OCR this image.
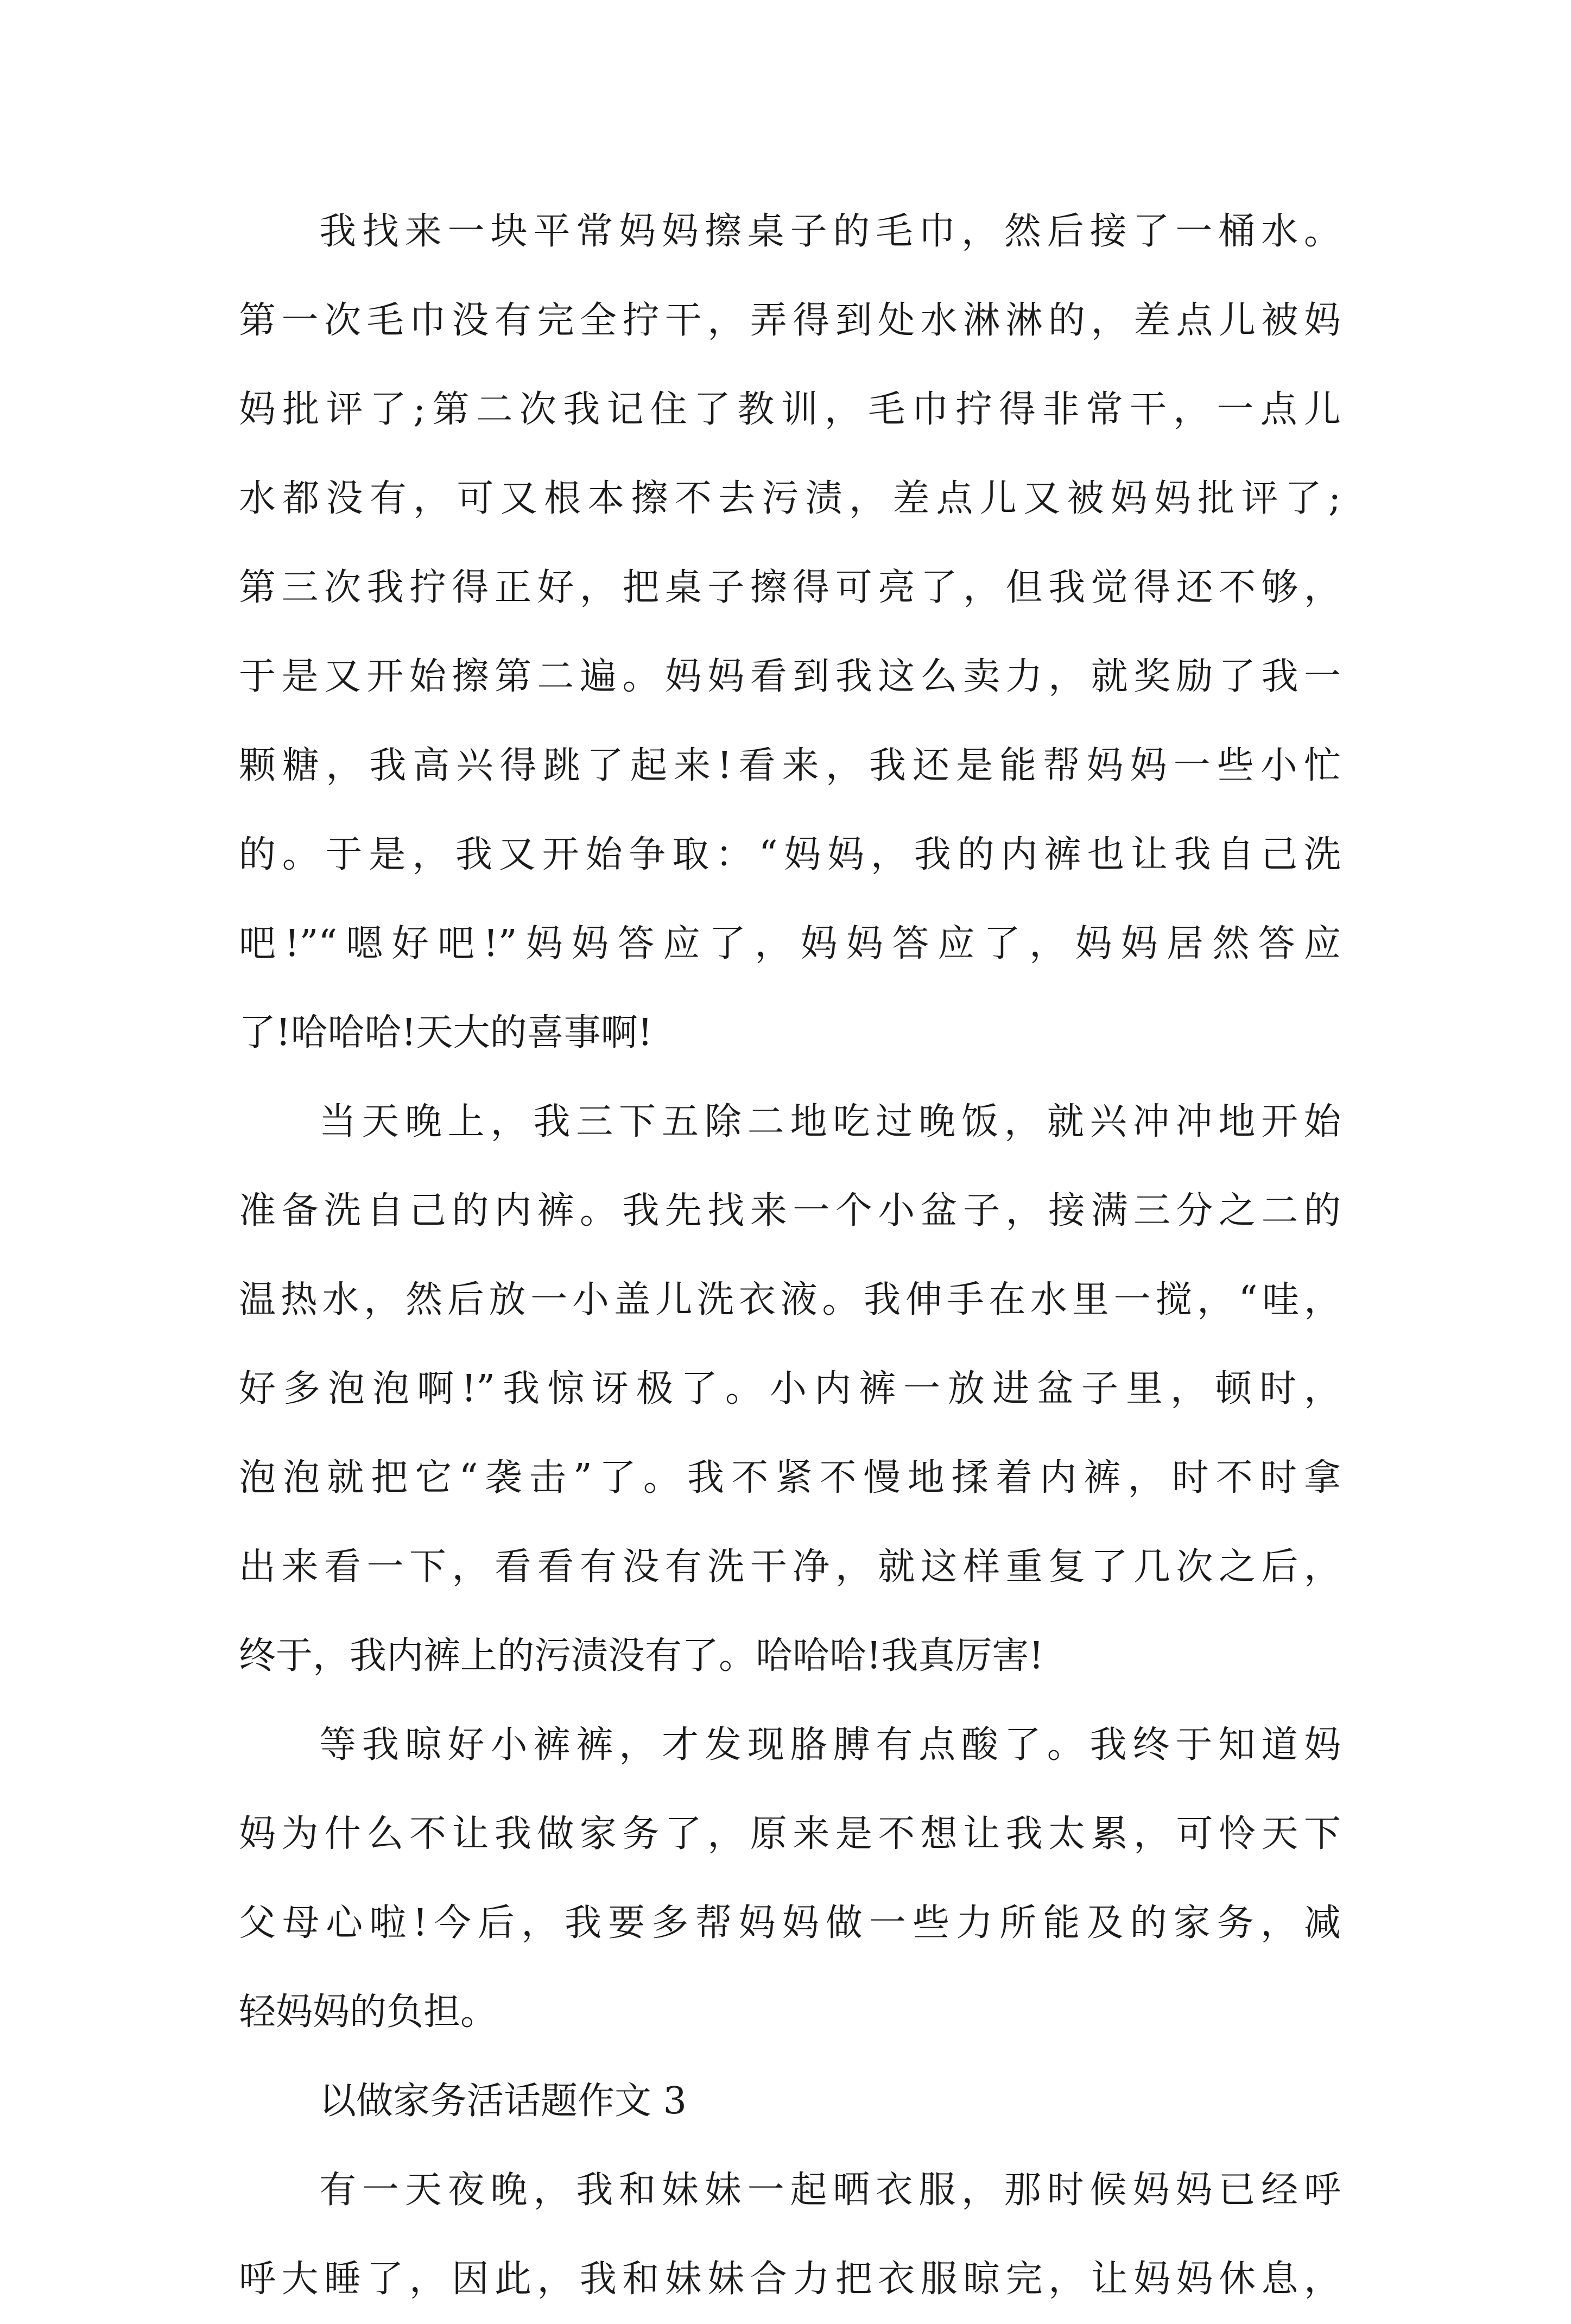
我找来一块平常妈妈擦桌子的毛巾，然后接了一桶水。
第一次毛巾没有完全拧干，弄得到处水淋淋的，差点儿被妈
妈批评了;第二次我记住了教训，毛巾拧得非常干，一点儿
水都没有，可又根本擦不去污渍，差点儿又被妈妈批评了;
第三次我拧得正好，把桌子擦得可亮了，但我觉得还不够，
于是又开始擦第二遍。妈妈看到我这么卖力，就奖励了我一
颗糖，我高兴得跳了起来!看来，我还是能帮妈妈一些小忙
的。于是，我又开始争取：“妈妈，我的内裤也让我自己洗
吧!”“嗯好吧!”妈妈答应了，妈妈答应了，妈妈居然答应
了!哈哈哈!天大的喜事啊!
当天晚上，我三下五除二地吃过晚饭，就兴冲冲地开始
准备洗自己的内裤。我先找来一个小盆子，接满三分之二的
温热水，然后放一小盖儿洗衣液。我伸手在水里一搅，“哇，
好多泡泡啊!”我惊讶极了。小内裤一放进盆子里，顿时，
泡泡就把它“袭击”了。我不紧不慢地揉着内裤，时不时拿
出来看一下，看看有没有洗干净，就这样重复了几次之后，
终于，我内裤上的污渍没有了。哈哈哈!我真厉害!
等我晾好小裤裤，才发现胳膊有点酸了。我终于知道妈
妈为什么不让我做家务了，原来是不想让我太累，可怜天下
父母心啦!今后，我要多帮妈妈做一些力所能及的家务，减
轻妈妈的负担。
以做家务活话题作文 3
有一天夜晚，我和妹妹一起晒衣服，那时候妈妈已经呼
呼大睡了，因此，我和妹妹合力把衣服晾完，让妈妈休息，
